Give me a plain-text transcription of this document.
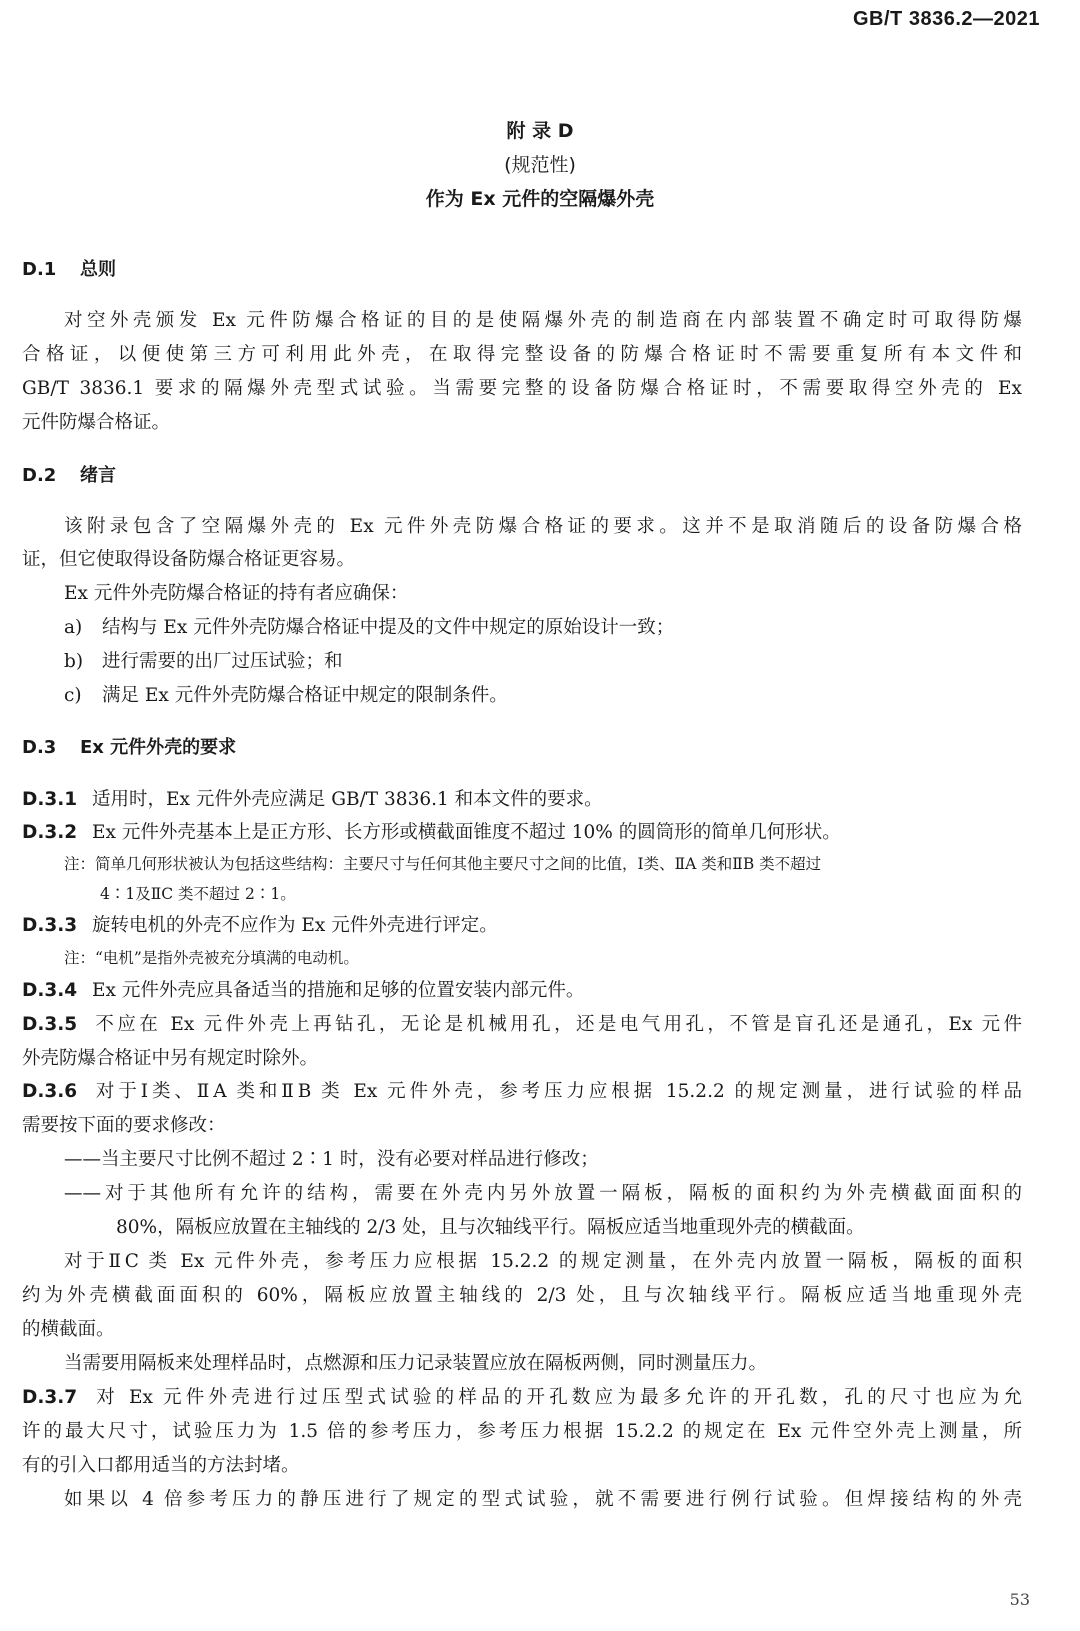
GB/T 3836.2—2021
附 录 D
(规范性)
作为 Ex 元件的空隔爆外壳
D.1 总则
对空外壳颁发 Ex 元件防爆合格证的目的是使隔爆外壳的制造商在内部装置不确定时可取得防爆
合格证，以便使第三方可利用此外壳，在取得完整设备的防爆合格证时不需要重复所有本文件和
GB/T 3836.1 要求的隔爆外壳型式试验。当需要完整的设备防爆合格证时，不需要取得空外壳的 Ex
元件防爆合格证。
D.2 绪言
该附录包含了空隔爆外壳的 Ex 元件外壳防爆合格证的要求。这并不是取消随后的设备防爆合格
证，但它使取得设备防爆合格证更容易。
Ex 元件外壳防爆合格证的持有者应确保：
a) 结构与 Ex 元件外壳防爆合格证中提及的文件中规定的原始设计一致；
b) 进行需要的出厂过压试验；和
c) 满足 Ex 元件外壳防爆合格证中规定的限制条件。
D.3 Ex 元件外壳的要求
D.3.1 适用时，Ex 元件外壳应满足 GB/T 3836.1 和本文件的要求。
D.3.2 Ex 元件外壳基本上是正方形、长方形或横截面锥度不超过 10% 的圆筒形的简单几何形状。
注：简单几何形状被认为包括这些结构：主要尺寸与任何其他主要尺寸之间的比值，Ⅰ类、ⅡA 类和ⅡB 类不超过
4∶1及ⅡC 类不超过 2∶1。
D.3.3 旋转电机的外壳不应作为 Ex 元件外壳进行评定。
注：“电机”是指外壳被充分填满的电动机。
D.3.4 Ex 元件外壳应具备适当的措施和足够的位置安装内部元件。
D.3.5 不应在 Ex 元件外壳上再钻孔，无论是机械用孔，还是电气用孔，不管是盲孔还是通孔，Ex 元件
外壳防爆合格证中另有规定时除外。
D.3.6 对于Ⅰ类、ⅡA 类和ⅡB 类 Ex 元件外壳，参考压力应根据 15.2.2 的规定测量，进行试验的样品
需要按下面的要求修改：
——当主要尺寸比例不超过 2∶1 时，没有必要对样品进行修改；
——对于其他所有允许的结构，需要在外壳内另外放置一隔板，隔板的面积约为外壳横截面面积的
80%，隔板应放置在主轴线的 2/3 处，且与次轴线平行。隔板应适当地重现外壳的横截面。
对于ⅡC 类 Ex 元件外壳，参考压力应根据 15.2.2 的规定测量，在外壳内放置一隔板，隔板的面积
约为外壳横截面面积的 60%，隔板应放置主轴线的 2/3 处，且与次轴线平行。隔板应适当地重现外壳
的横截面。
当需要用隔板来处理样品时，点燃源和压力记录装置应放在隔板两侧，同时测量压力。
D.3.7 对 Ex 元件外壳进行过压型式试验的样品的开孔数应为最多允许的开孔数，孔的尺寸也应为允
许的最大尺寸，试验压力为 1.5 倍的参考压力，参考压力根据 15.2.2 的规定在 Ex 元件空外壳上测量，所
有的引入口都用适当的方法封堵。
如果以 4 倍参考压力的静压进行了规定的型式试验，就不需要进行例行试验。但焊接结构的外壳
53
